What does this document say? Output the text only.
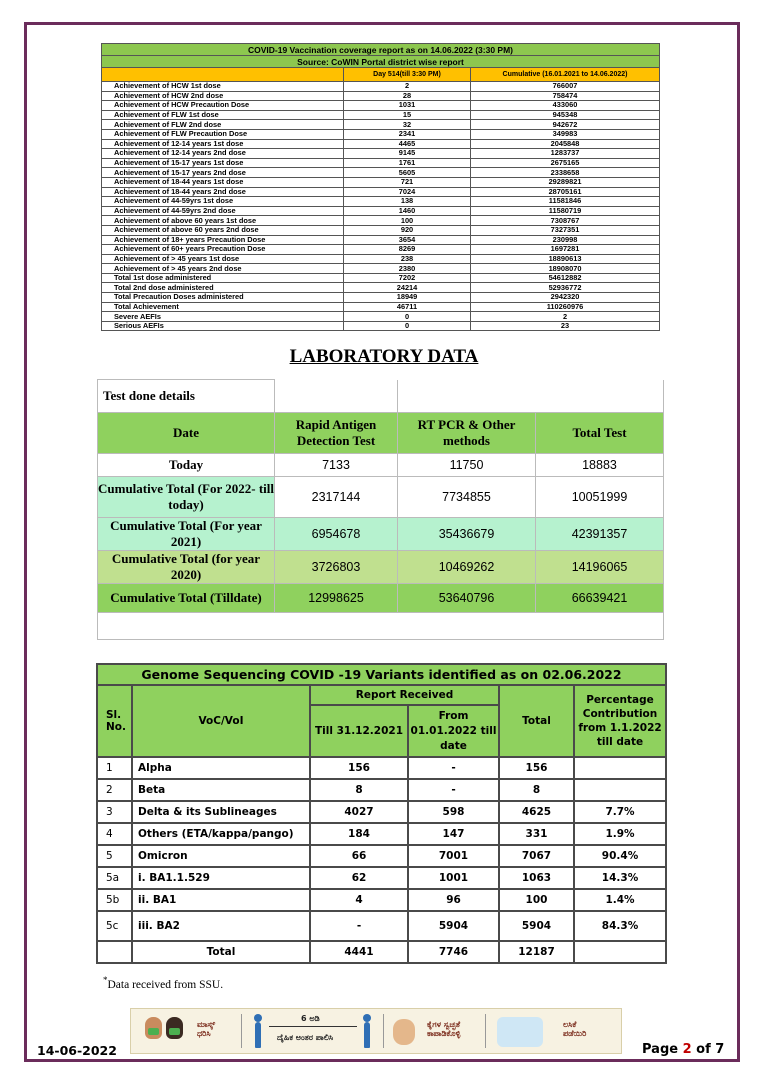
COVID-19 Vaccination coverage report as on 14.06.2022 (3:30 PM)		
Source: CoWIN Portal district wise report		
	Day 514(till 3:30 PM)	Cumulative (16.01.2021 to 14.06.2022)
Achievement of HCW 1st dose	2	766007
Achievement of HCW 2nd dose	28	758474
Achievement of HCW Precaution Dose	1031	433060
Achievement of FLW 1st dose	15	945348
Achievement of FLW 2nd dose	32	942672
Achievement of FLW Precaution Dose	2341	349983
Achievement of 12-14 years 1st dose	4465	2045848
Achievement of 12-14 years 2nd dose	9145	1283737
Achievement of 15-17 years 1st dose	1761	2675165
Achievement of 15-17 years 2nd dose	5605	2338658
Achievement of 18-44 years 1st dose	721	29289821
Achievement of 18-44 years 2nd dose	7024	28705161
Achievement of 44-59yrs 1st dose	138	11581846
Achievement of 44-59yrs 2nd dose	1460	11580719
Achievement of above 60 years 1st dose	100	7308767
Achievement of above 60 years 2nd dose	920	7327351
Achievement of 18+ years Precaution Dose	3654	230998
Achievement of 60+ years Precaution Dose	8269	1697281
Achievement of > 45 years 1st dose	238	18890613
Achievement of > 45 years 2nd dose	2380	18908070
Total 1st dose administered	7202	54612882
Total 2nd dose administered	24214	52936772
Total Precaution Doses administered	18949	2942320
Total Achievement	46711	110260976
Severe AEFIs	0	2
Serious AEFIs	0	23
LABORATORY DATA
Test done details			
Date	Rapid Antigen Detection Test	RT PCR & Other methods	Total Test
Today	7133	11750	18883
Cumulative Total (For 2022- till today)	2317144	7734855	10051999
Cumulative Total (For year 2021)	6954678	35436679	42391357
Cumulative Total (for year 2020)	3726803	10469262	14196065
Cumulative Total (Tilldate)	12998625	53640796	66639421

Genome Sequencing COVID -19 Variants identified as on 02.06.2022					
Sl. No.	VoC/VoI	Report Received		Total	Percentage Contribution from 1.1.2022 till date
		Till 31.12.2021	From 01.01.2022 till date		
1	Alpha	156	-	156	
2	Beta	8	-	8	
3	Delta & its Sublineages	4027	598	4625	7.7%
4	Others (ETA/kappa/pango)	184	147	331	1.9%
5	Omicron	66	7001	7067	90.4%
5a	i. BA1.1.529	62	1001	1063	14.3%
5b	ii. BA1	4	96	100	1.4%
5c	iii. BA2	-	5904	5904	84.3%
	Total	4441	7746	12187	
*Data received from SSU.
ಮಾಸ್ಕ್
ಧರಿಸಿ
6 ಅಡಿ
ದೈಹಿಕ ಅಂತರ ಪಾಲಿಸಿ
ಕೈಗಳ ಸ್ವಚ್ಛತೆ
ಕಾಪಾಡಿಕೊಳ್ಳಿ
ಲಸಿಕೆ
ಪಡೆಯಿರಿ
14-06-2022	Page 2 of 7
